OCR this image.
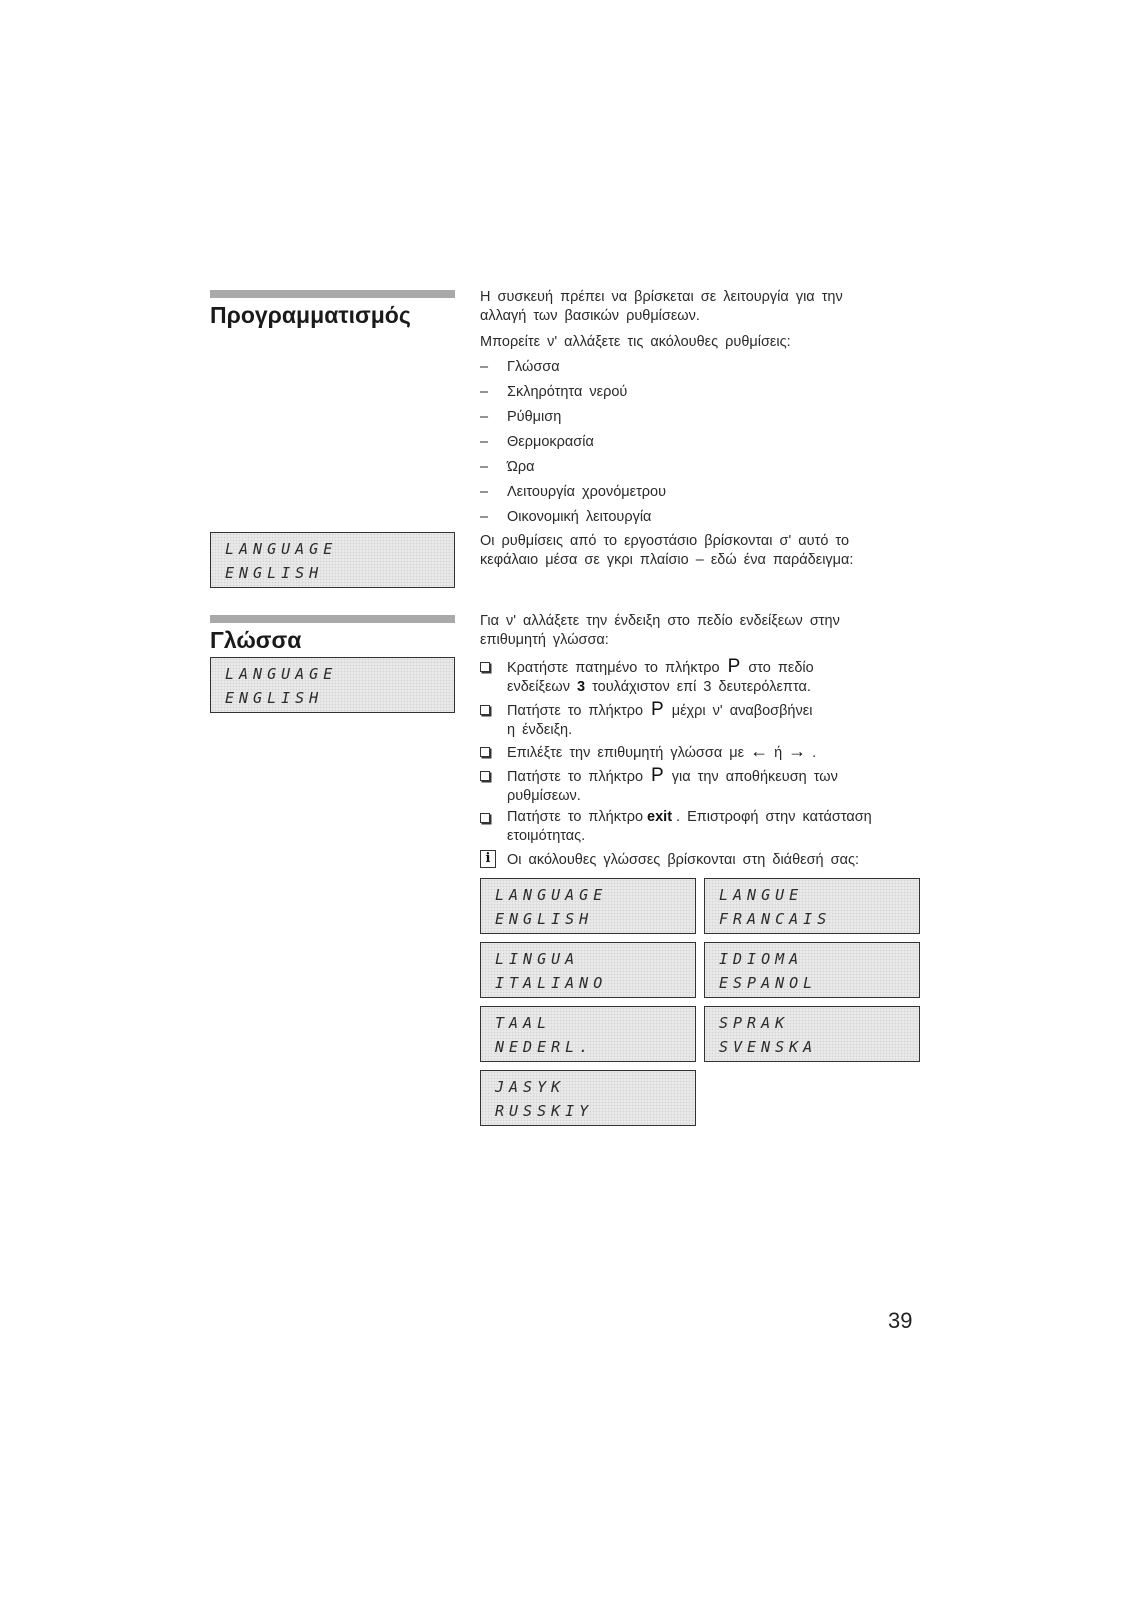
Προγραμματισμός
Η συσκευή πρέπει να βρίσκεται σε λειτουργία για την
αλλαγή των βασικών ρυθμίσεων.
Μπορείτε ν' αλλάξετε τις ακόλουθες ρυθμίσεις:
– Γλώσσα
– Σκληρότητα νερού
– Ρύθμιση
– Θερμοκρασία
– Ώρα
– Λειτουργία χρονόμετρου
– Οικονομική λειτουργία
Οι ρυθμίσεις από το εργοστάσιο βρίσκονται σ' αυτό το
κεφάλαιο μέσα σε γκρι πλαίσιο – εδώ ένα παράδειγμα:
LANGUAGE
ENGLISH
Γλώσσα
LANGUAGE
ENGLISH
Για ν' αλλάξετε την ένδειξη στο πεδίο ενδείξεων στην
επιθυμητή γλώσσα:
Κρατήστε πατημένο το πλήκτρο P στο πεδίο
ενδείξεων 3 τουλάχιστον επί 3 δευτερόλεπτα.
Πατήστε το πλήκτρο P μέχρι ν' αναβοσβήνει
η ένδειξη.
Επιλέξτε την επιθυμητή γλώσσα με ← ή → .
Πατήστε το πλήκτρο P για την αποθήκευση των
ρυθμίσεων.
Πατήστε το πλήκτρο exit . Επιστροφή στην κατάσταση
ετοιμότητας.
i	Οι ακόλουθες γλώσσες βρίσκονται στη διάθεσή σας:
LANGUAGE
ENGLISH
LANGUE
FRANCAIS
LINGUA
ITALIANO
IDIOMA
ESPANOL
TAAL
NEDERL.
SPRAK
SVENSKA
JASYK
RUSSKIY
39
